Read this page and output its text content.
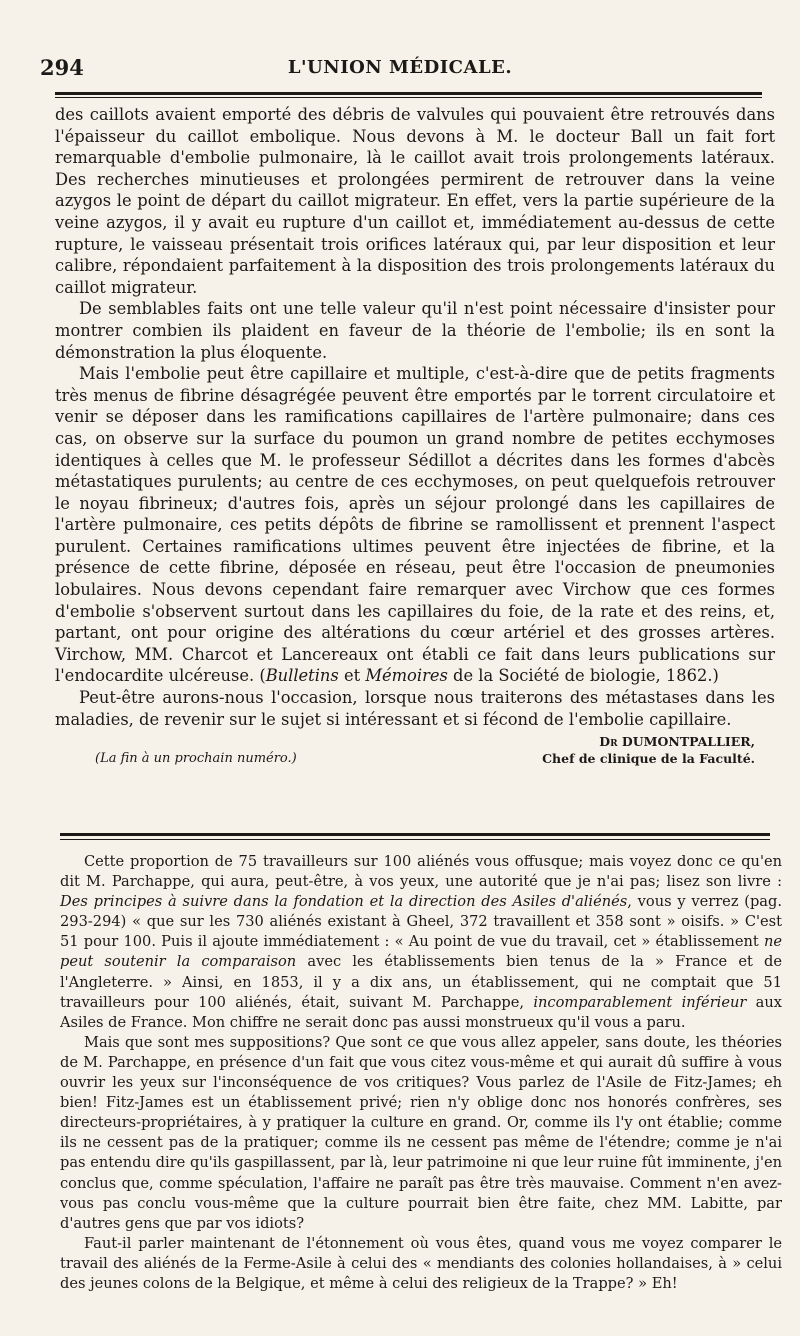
294	L'UNION MÉDICALE.

des caillots avaient emporté des débris de valvules qui pouvaient être retrouvés dans l'épaisseur du caillot embolique. Nous devons à M. le docteur Ball un fait fort remarquable d'embolie pulmonaire, là le caillot avait trois prolongements latéraux. Des recherches minutieuses et prolongées permirent de retrouver dans la veine azygos le point de départ du caillot migrateur. En effet, vers la partie supérieure de la veine azygos, il y avait eu rupture d'un caillot et, immédiatement au-dessus de cette rupture, le vaisseau présentait trois orifices latéraux qui, par leur disposition et leur calibre, répondaient parfaitement à la disposition des trois prolongements latéraux du caillot migrateur.

De semblables faits ont une telle valeur qu'il n'est point nécessaire d'insister pour montrer combien ils plaident en faveur de la théorie de l'embolie; ils en sont la démonstration la plus éloquente.

Mais l'embolie peut être capillaire et multiple, c'est-à-dire que de petits fragments très menus de fibrine désagrégée peuvent être emportés par le torrent circulatoire et venir se déposer dans les ramifications capillaires de l'artère pulmonaire; dans ces cas, on observe sur la surface du poumon un grand nombre de petites ecchymoses identiques à celles que M. le professeur Sédillot a décrites dans les formes d'abcès métastatiques purulents; au centre de ces ecchymoses, on peut quelquefois retrouver le noyau fibrineux; d'autres fois, après un séjour prolongé dans les capillaires de l'artère pulmonaire, ces petits dépôts de fibrine se ramollissent et prennent l'aspect purulent. Certaines ramifications ultimes peuvent être injectées de fibrine, et la présence de cette fibrine, déposée en réseau, peut être l'occasion de pneumonies lobulaires. Nous devons cependant faire remarquer avec Virchow que ces formes d'embolie s'observent surtout dans les capillaires du foie, de la rate et des reins, et, partant, ont pour origine des altérations du cœur artériel et des grosses artères. Virchow, MM. Charcot et Lancereaux ont établi ce fait dans leurs publications sur l'endocardite ulcéreuse. (Bulletins et Mémoires de la Société de biologie, 1862.)

Peut-être aurons-nous l'occasion, lorsque nous traiterons des métastases dans les maladies, de revenir sur le sujet si intéressant et si fécond de l'embolie capillaire.

Dr DUMONTPALLIER,
(La fin à un prochain numéro.)	Chef de clinique de la Faculté.

Cette proportion de 75 travailleurs sur 100 aliénés vous offusque; mais voyez donc ce qu'en dit M. Parchappe, qui aura, peut-être, à vos yeux, une autorité que je n'ai pas; lisez son livre : Des principes à suivre dans la fondation et la direction des Asiles d'aliénés, vous y verrez (pag. 293-294) « que sur les 730 aliénés existant à Gheel, 372 travaillent et 358 sont » oisifs. » C'est 51 pour 100. Puis il ajoute immédiatement : « Au point de vue du travail, cet » établissement ne peut soutenir la comparaison avec les établissements bien tenus de la » France et de l'Angleterre. » Ainsi, en 1853, il y a dix ans, un établissement, qui ne comptait que 51 travailleurs pour 100 aliénés, était, suivant M. Parchappe, incomparablement inférieur aux Asiles de France. Mon chiffre ne serait donc pas aussi monstrueux qu'il vous a paru.

Mais que sont mes suppositions? Que sont ce que vous allez appeler, sans doute, les théories de M. Parchappe, en présence d'un fait que vous citez vous-même et qui aurait dû suffire à vous ouvrir les yeux sur l'inconséquence de vos critiques? Vous parlez de l'Asile de Fitz-James; eh bien! Fitz-James est un établissement privé; rien n'y oblige donc nos honorés confrères, ses directeurs-propriétaires, à y pratiquer la culture en grand. Or, comme ils l'y ont établie; comme ils ne cessent pas de la pratiquer; comme ils ne cessent pas même de l'étendre; comme je n'ai pas entendu dire qu'ils gaspillassent, par là, leur patrimoine ni que leur ruine fût imminente, j'en conclus que, comme spéculation, l'affaire ne paraît pas être très mauvaise. Comment n'en avez-vous pas conclu vous-même que la culture pourrait bien être faite, chez MM. Labitte, par d'autres gens que par vos idiots?

Faut-il parler maintenant de l'étonnement où vous êtes, quand vous me voyez comparer le travail des aliénés de la Ferme-Asile à celui des « mendiants des colonies hollandaises, à » celui des jeunes colons de la Belgique, et même à celui des religieux de la Trappe? » Eh!
